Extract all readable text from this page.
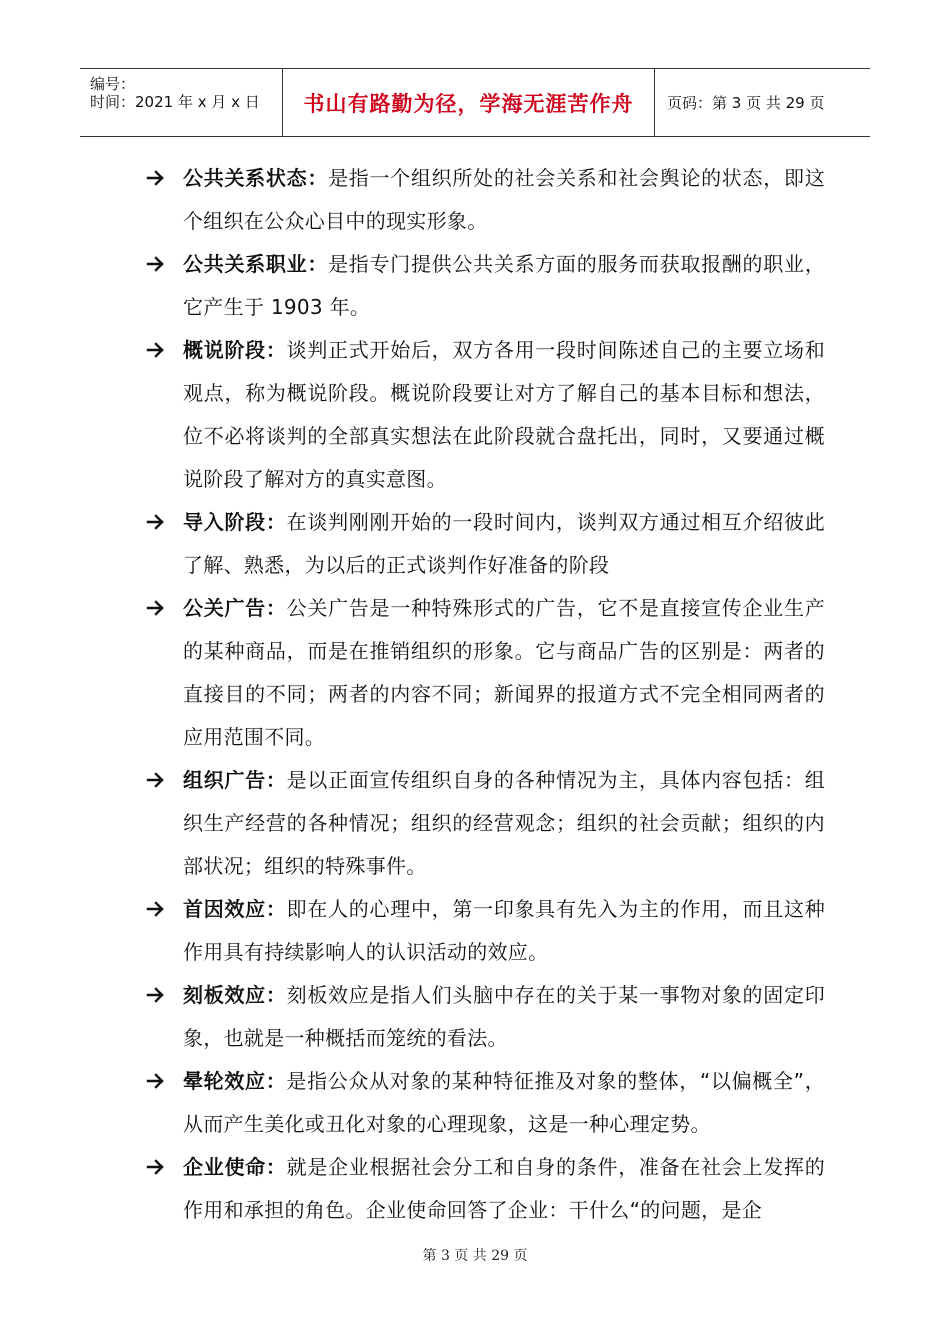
编号：
时间：2021 年 x 月 x 日 书山有路勤为径，学海无涯苦作舟 页码：第 3 页 共 29 页

公共关系状态：是指一个组织所处的社会关系和社会舆论的状态，即这个组织在公众心目中的现实形象。

公共关系职业：是指专门提供公共关系方面的服务而获取报酬的职业，它产生于 1903 年。

概说阶段：谈判正式开始后，双方各用一段时间陈述自己的主要立场和观点，称为概说阶段。概说阶段要让对方了解自己的基本目标和想法，位不必将谈判的全部真实想法在此阶段就合盘托出，同时，又要通过概说阶段了解对方的真实意图。

导入阶段：在谈判刚刚开始的一段时间内，谈判双方通过相互介绍彼此了解、熟悉，为以后的正式谈判作好准备的阶段

公关广告：公关广告是一种特殊形式的广告，它不是直接宣传企业生产的某种商品，而是在推销组织的形象。它与商品广告的区别是：两者的直接目的不同；两者的内容不同；新闻界的报道方式不完全相同两者的应用范围不同。

组织广告：是以正面宣传组织自身的各种情况为主，具体内容包括：组织生产经营的各种情况；组织的经营观念；组织的社会贡献；组织的内部状况；组织的特殊事件。

首因效应：即在人的心理中，第一印象具有先入为主的作用，而且这种作用具有持续影响人的认识活动的效应。

刻板效应：刻板效应是指人们头脑中存在的关于某一事物对象的固定印象，也就是一种概括而笼统的看法。

晕轮效应：是指公众从对象的某种特征推及对象的整体，“以偏概全”，从而产生美化或丑化对象的心理现象，这是一种心理定势。

企业使命：就是企业根据社会分工和自身的条件，准备在社会上发挥的作用和承担的角色。企业使命回答了企业：干什么“的问题，是企

第 3 页 共 29 页
